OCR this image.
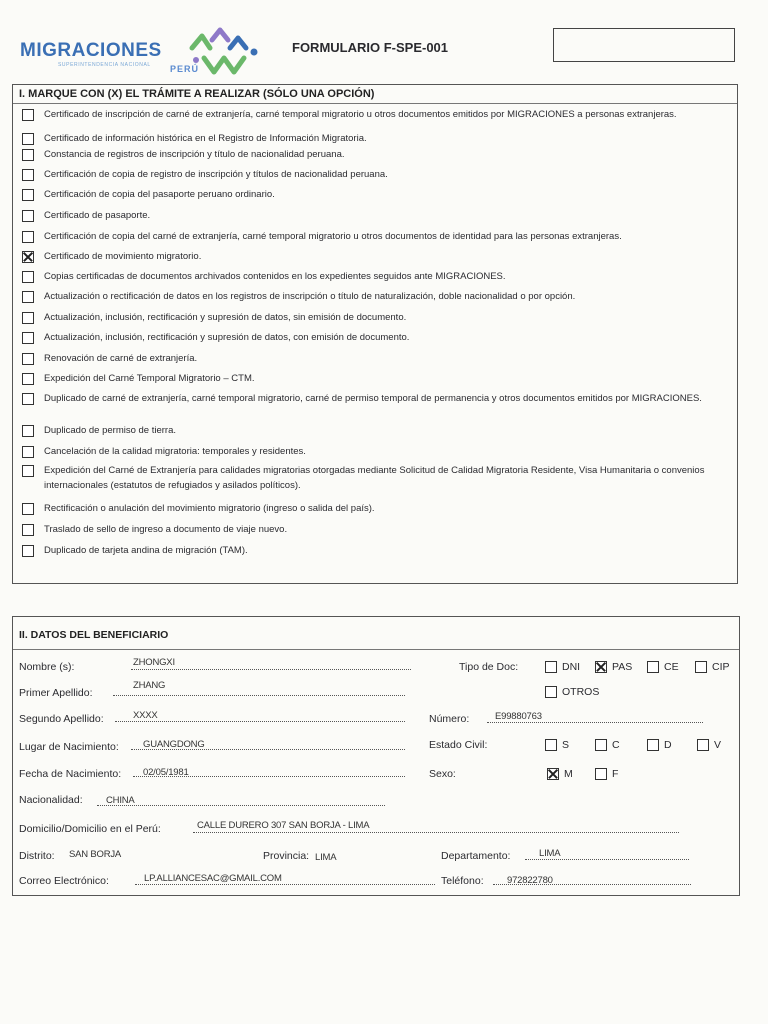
MIGRACIONES
SUPERINTENDENCIA NACIONAL PERÚ
FORMULARIO F-SPE-001
I. MARQUE CON (X) EL TRÁMITE A REALIZAR (SÓLO UNA OPCIÓN)
Certificado de inscripción de carné de extranjería, carné temporal migratorio u otros documentos emitidos por MIGRACIONES a personas extranjeras.
Certificado de información histórica en el Registro de Información Migratoria.
Constancia de registros de inscripción y título de nacionalidad peruana.
Certificación de copia de registro de inscripción y títulos de nacionalidad peruana.
Certificación de copia del pasaporte peruano ordinario.
Certificado de pasaporte.
Certificación de copia del carné de extranjería, carné temporal migratorio u otros documentos de identidad para las personas extranjeras.
Certificado de movimiento migratorio.
Copias certificadas de documentos archivados contenidos en los expedientes seguidos ante MIGRACIONES.
Actualización o rectificación de datos en los registros de inscripción o título de naturalización, doble nacionalidad o por opción.
Actualización, inclusión, rectificación y supresión de datos, sin emisión de documento.
Actualización, inclusión, rectificación y supresión de datos, con emisión de documento.
Renovación de carné de extranjería.
Expedición del Carné Temporal Migratorio – CTM.
Duplicado de carné de extranjería, carné temporal migratorio, carné de permiso temporal de permanencia y otros documentos emitidos por MIGRACIONES.
Duplicado de permiso de tierra.
Cancelación de la calidad migratoria: temporales y residentes.
Expedición del Carné de Extranjería para calidades migratorias otorgadas mediante Solicitud de Calidad Migratoria Residente, Visa Humanitaria o convenios internacionales (estatutos de refugiados y asilados políticos).
Rectificación o anulación del movimiento migratorio (ingreso o salida del país).
Traslado de sello de ingreso a documento de viaje nuevo.
Duplicado de tarjeta andina de migración (TAM).
II. DATOS DEL BENEFICIARIO
Nombre (s):	ZHONGXI
Primer Apellido:
ZHANG
Segundo Apellido:	XXXX
Lugar de Nacimiento:	GUANGDONG
Fecha de Nacimiento: 02/05/1981
Nacionalidad: CHINA
Domicilio/Domicilio en el Perú:	CALLE DURERO 307 SAN BORJA - LIMA
Distrito: SAN BORJA	Provincia: LIMA	Departamento:	LIMA
Correo Electrónico:	LP.ALLIANCESAC@GMAIL.COM	Teléfono: 972822780
Tipo de Doc:	DNI	PAS	CE	CIP
OTROS
Número:	E99880763
Estado Civil:	S	C	D	V
Sexo:	M	F
